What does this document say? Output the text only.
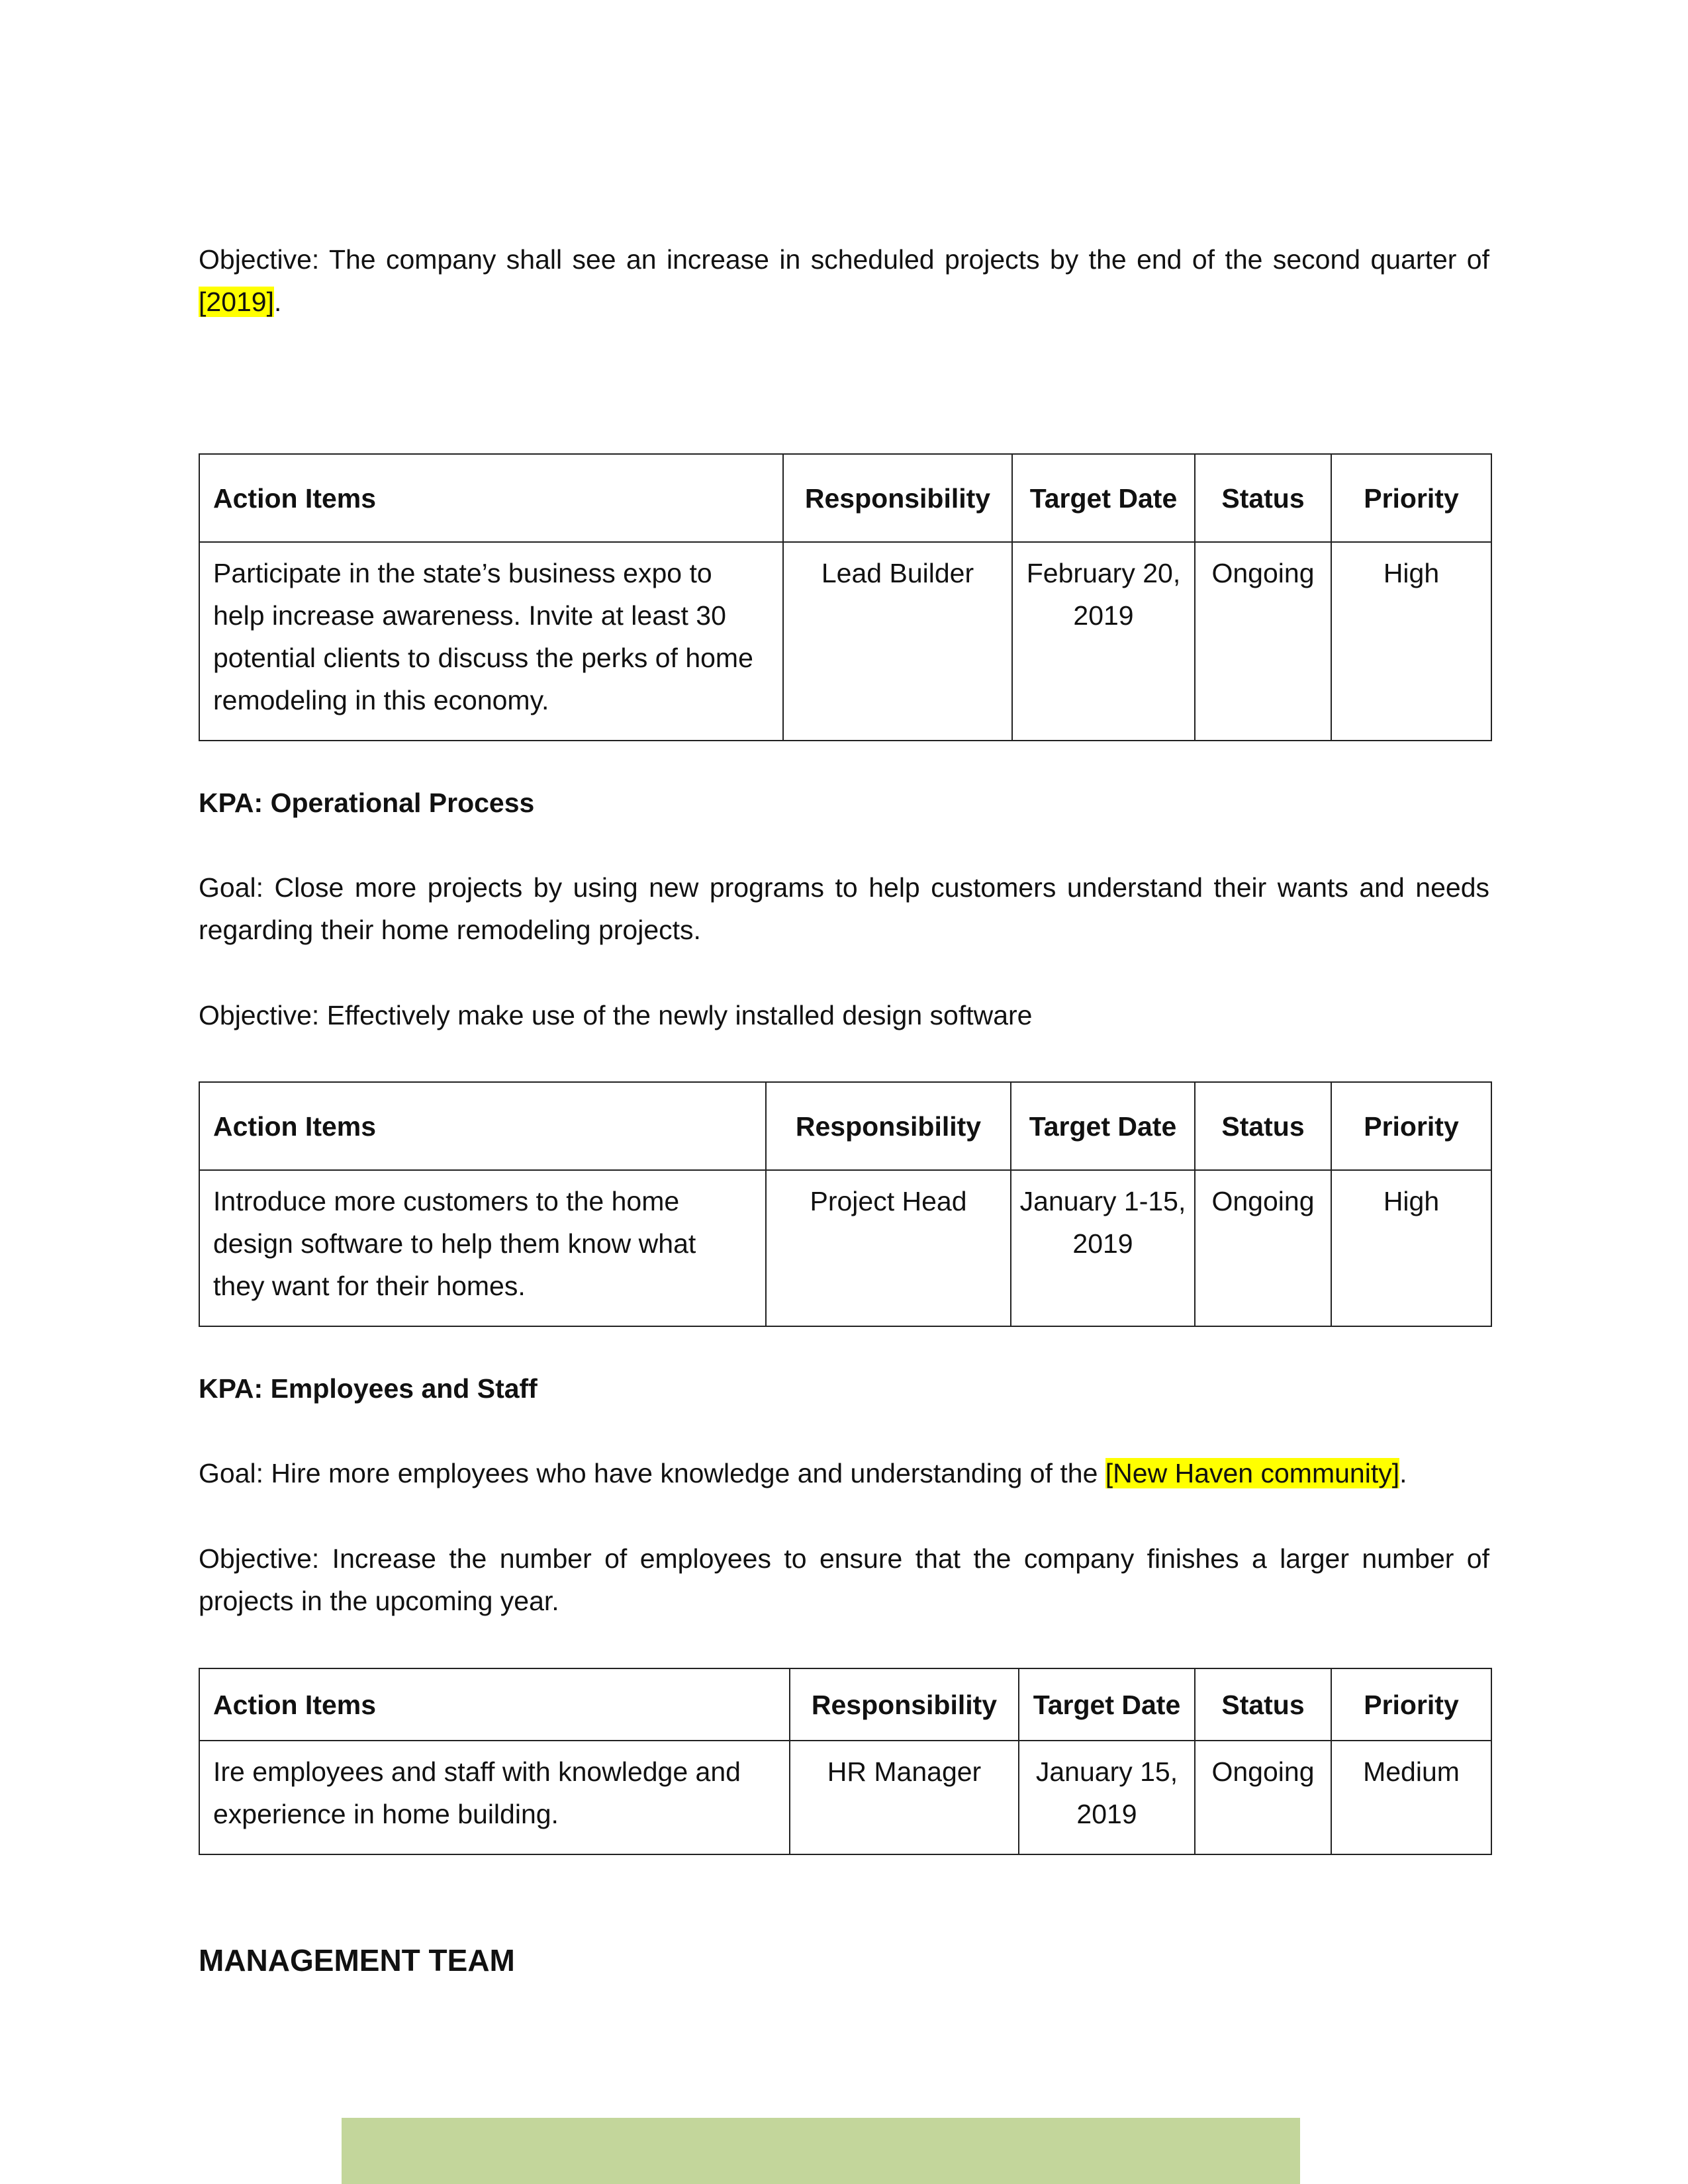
Objective: The company shall see an increase in scheduled projects by the end of the second quarter of [2019].

Action Items	Responsibility	Target Date	Status	Priority
Participate in the state’s business expo to help increase awareness. Invite at least 30 potential clients to discuss the perks of home remodeling in this economy.	Lead Builder	February 20, 2019	Ongoing	High

KPA: Operational Process

Goal: Close more projects by using new programs to help customers understand their wants and needs regarding their home remodeling projects.

Objective: Effectively make use of the newly installed design software

Action Items	Responsibility	Target Date	Status	Priority
Introduce more customers to the home design software to help them know what they want for their homes.	Project Head	January 1-15, 2019	Ongoing	High

KPA: Employees and Staff

Goal: Hire more employees who have knowledge and understanding of the [New Haven community].

Objective: Increase the number of employees to ensure that the company finishes a larger number of projects in the upcoming year.

Action Items	Responsibility	Target Date	Status	Priority
Ire employees and staff with knowledge and experience in home building.	HR Manager	January 15, 2019	Ongoing	Medium

MANAGEMENT TEAM
